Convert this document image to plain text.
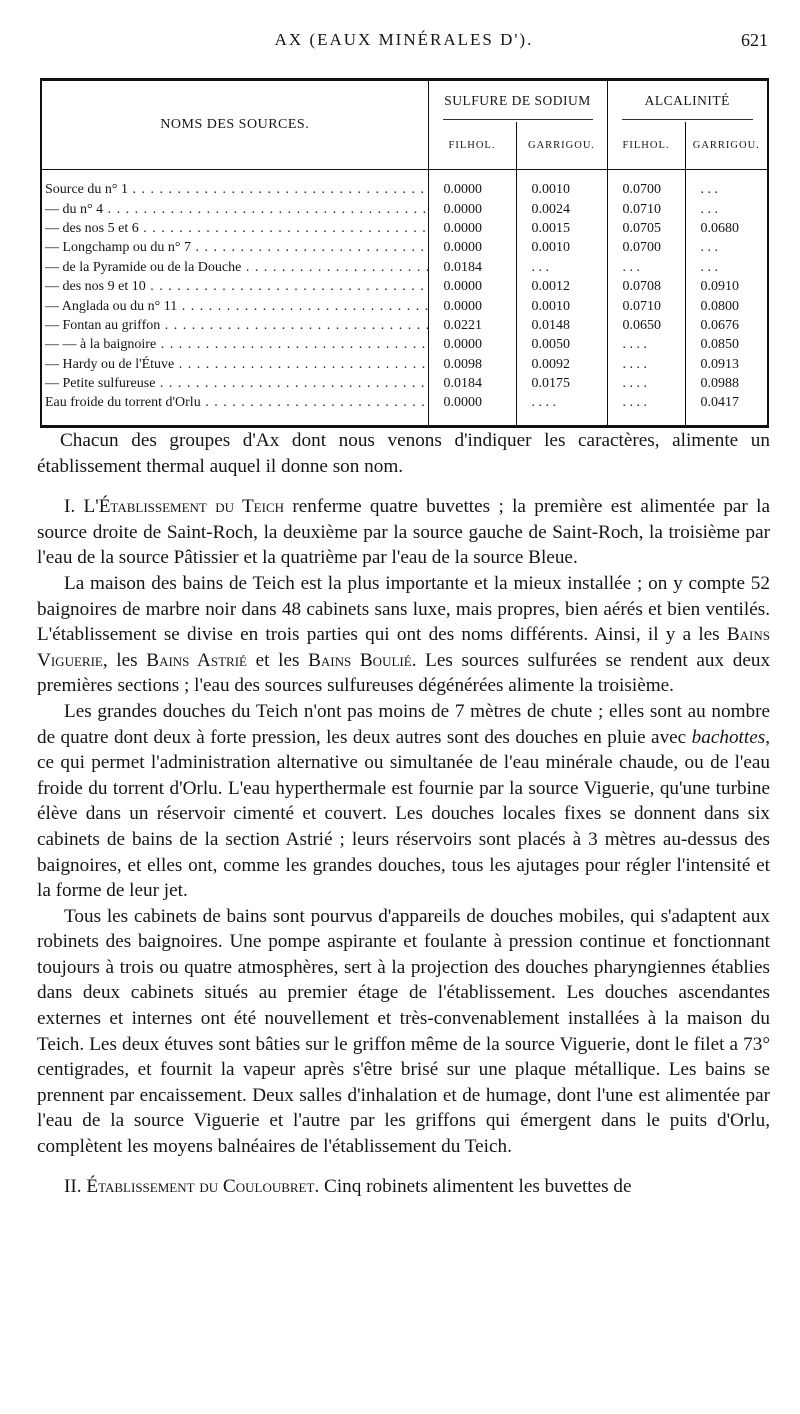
AX (EAUX MINÉRALES D').	621
NOMS DES SOURCES.	SULFURE DE SODIUM		ALCALINITÉ	
	FILHOL.	GARRIGOU.	FILHOL.	GARRIGOU.
Source du n° 1 . . .	0.0000	0.0010	0.0700	. . .
— du n° 4 . . .	0.0000	0.0024	0.0710	. . .
— des nos 5 et 6 . . .	0.0000	0.0015	0.0705	0.0680
— Longchamp ou du n° 7 . . .	0.0000	0.0010	0.0700	. . .
— de la Pyramide ou de la Douche . . .	0.0184	. . .	. . .	. . .
— des nos 9 et 10 . . .	0.0000	0.0012	0.0708	0.0910
— Anglada ou du n° 11 . . .	0.0000	0.0010	0.0710	0.0800
— Fontan au griffon . . .	0.0221	0.0148	0.0650	0.0676
— — à la baignoire . . .	0.0000	0.0050	. . . .	0.0850
— Hardy ou de l'Étuve . . .	0.0098	0.0092	. . . .	0.0913
— Petite sulfureuse . . .	0.0184	0.0175	. . . .	0.0988
Eau froide du torrent d'Orlu . . .	0.0000	. . . .	. . . .	0.0417

Chacun des groupes d'Ax dont nous venons d'indiquer les caractères, alimente un établissement thermal auquel il donne son nom.

I. L'Établissement du Teich renferme quatre buvettes ; la première est alimentée par la source droite de Saint-Roch, la deuxième par la source gauche de Saint-Roch, la troisième par l'eau de la source Pâtissier et la quatrième par l'eau de la source Bleue.

La maison des bains de Teich est la plus importante et la mieux installée ; on y compte 52 baignoires de marbre noir dans 48 cabinets sans luxe, mais propres, bien aérés et bien ventilés. L'établissement se divise en trois parties qui ont des noms différents. Ainsi, il y a les Bains Viguerie, les Bains Astrié et les Bains Boulié. Les sources sulfurées se rendent aux deux premières sections ; l'eau des sources sulfureuses dégénérées alimente la troisième.

Les grandes douches du Teich n'ont pas moins de 7 mètres de chute ; elles sont au nombre de quatre dont deux à forte pression, les deux autres sont des douches en pluie avec bachottes, ce qui permet l'administration alternative ou simultanée de l'eau minérale chaude, ou de l'eau froide du torrent d'Orlu. L'eau hyperthermale est fournie par la source Viguerie, qu'une turbine élève dans un réservoir cimenté et couvert. Les douches locales fixes se donnent dans six cabinets de bains de la section Astrié ; leurs réservoirs sont placés à 3 mètres au-dessus des baignoires, et elles ont, comme les grandes douches, tous les ajutages pour régler l'intensité et la forme de leur jet.

Tous les cabinets de bains sont pourvus d'appareils de douches mobiles, qui s'adaptent aux robinets des baignoires. Une pompe aspirante et foulante à pression continue et fonctionnant toujours à trois ou quatre atmosphères, sert à la projection des douches pharyngiennes établies dans deux cabinets situés au premier étage de l'établissement. Les douches ascendantes externes et internes ont été nouvellement et très-convenablement installées à la maison du Teich. Les deux étuves sont bâties sur le griffon même de la source Viguerie, dont le filet a 73° centigrades, et fournit la vapeur après s'être brisé sur une plaque métallique. Les bains se prennent par encaissement. Deux salles d'inhalation et de humage, dont l'une est alimentée par l'eau de la source Viguerie et l'autre par les griffons qui émergent dans le puits d'Orlu, complètent les moyens balnéaires de l'établissement du Teich.

II. Établissement du Couloubret. Cinq robinets alimentent les buvettes de
